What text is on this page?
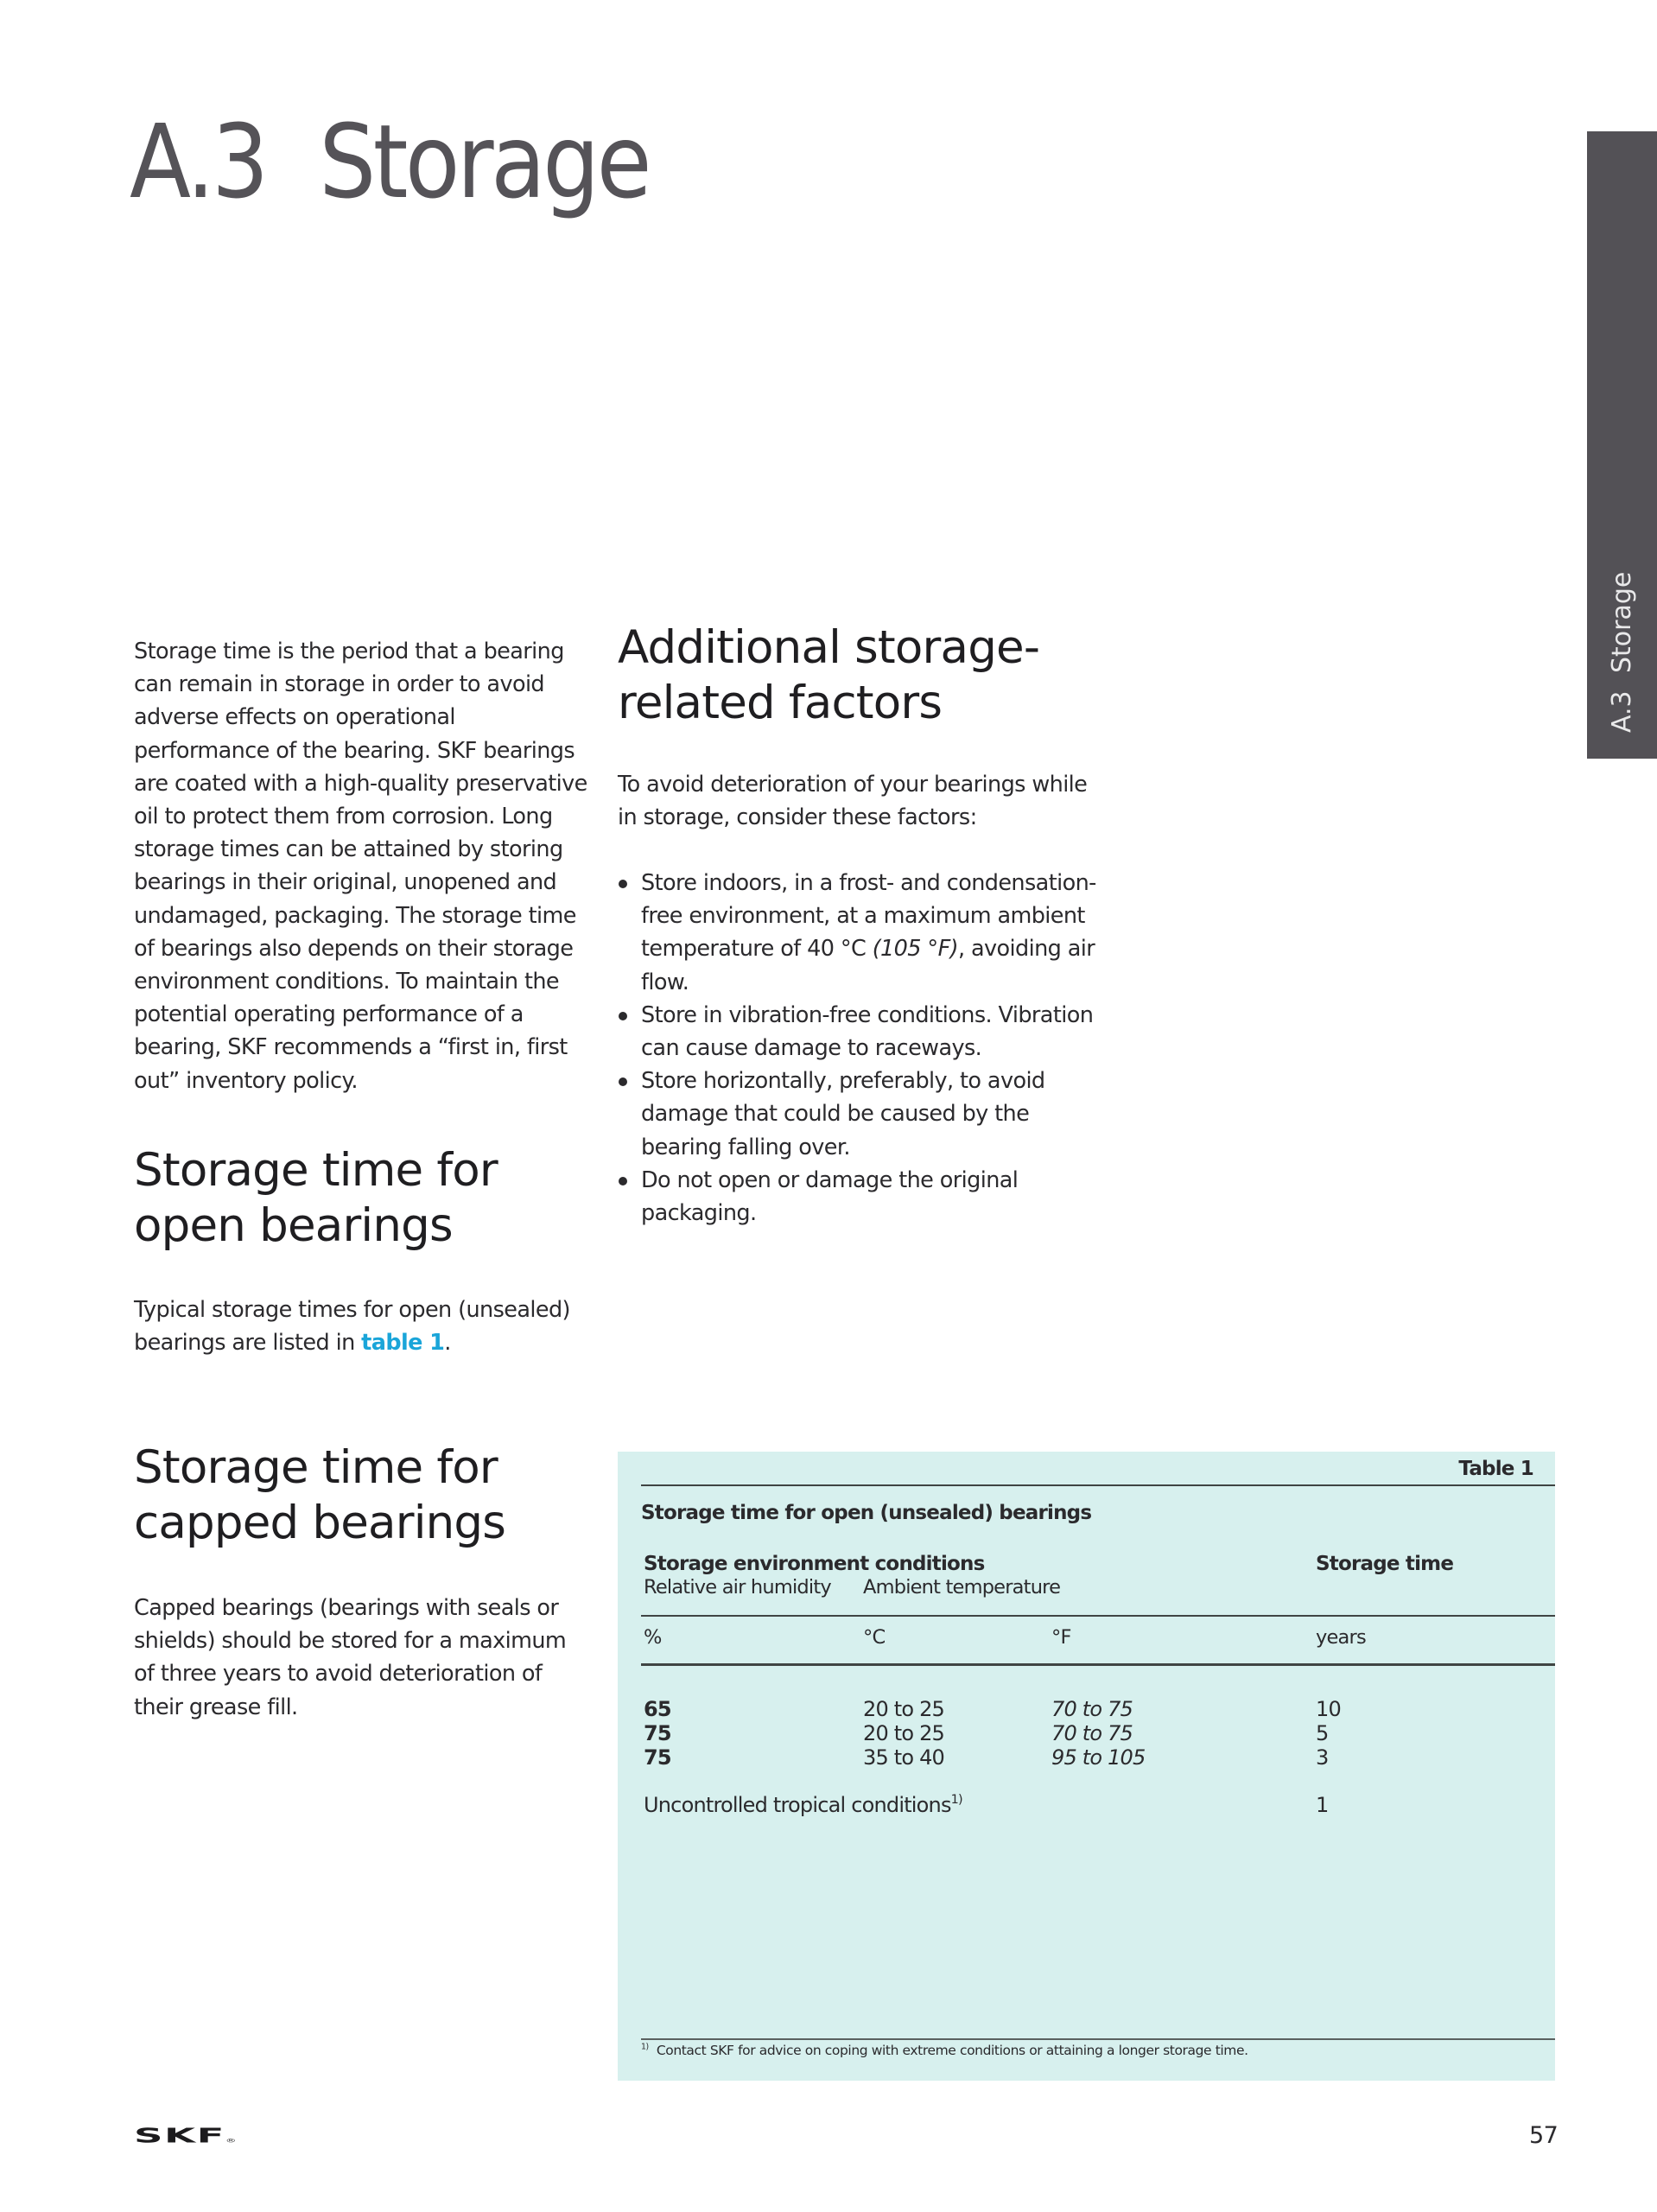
A.3 Storage
A.3
Storage

Storage time is the period that a bearing can remain in storage in order to avoid adverse effects on operational performance of the bearing. SKF bearings are coated with a high-quality preservative oil to protect them from corrosion. Long storage times can be attained by storing bearings in their original, unopened and undamaged, packaging. The storage time of bearings also depends on their storage environment conditions. To maintain the potential operating performance of a bearing, SKF recommends a “first in, first out” inventory policy.

Storage time for open bearings

Typical storage times for open (unsealed) bearings are listed in table 1.

Storage time for capped bearings

Capped bearings (bearings with seals or shields) should be stored for a maximum of three years to avoid deterioration of their grease fill.

Additional storage-related factors

To avoid deterioration of your bearings while in storage, consider these factors:

Store indoors, in a frost- and condensation-free environment, at a maximum ambient temperature of 40 °C (105 °F), avoiding air flow.
Store in vibration-free conditions. Vibration can cause damage to raceways.
Store horizontally, preferably, to avoid damage that could be caused by the bearing falling over.
Do not open or damage the original packaging.
Table 1
Storage time for open (unsealed) bearings
Storage environment conditions	Storage time
Relative air humidity Ambient temperature
%	°C	°F	years
65	20 to 25	70 to 75	10
75	20 to 25	70 to 75	5
75	35 to 40	95 to 105	3
Uncontrolled tropical conditions$^{1)}$	1
$^{1)}$ Contact SKF for advice on coping with extreme conditions or attaining a longer storage time.
SKF®	57
